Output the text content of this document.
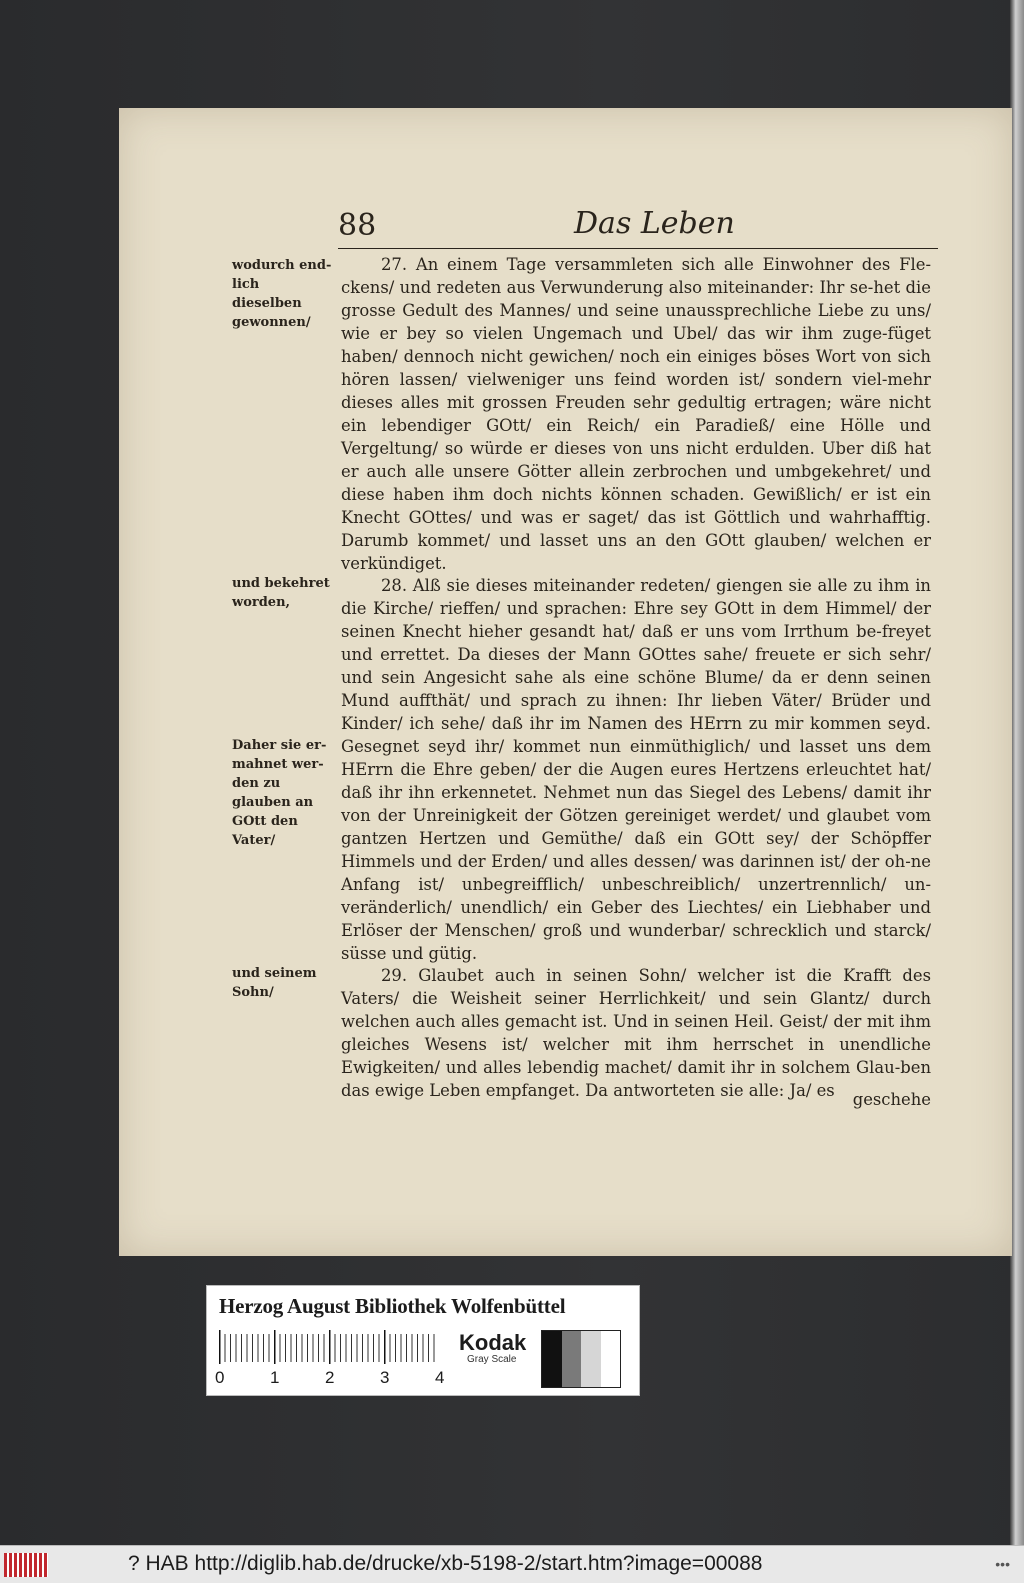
88	Das Leben
wodurch end-lich dieselben gewonnen/
und bekehret worden,
Daher sie er-mahnet wer-den zu glauben an GOtt den Vater/
und seinem Sohn/
27. An einem Tage versammleten sich alle Einwohner des Fle-ckens/ und redeten aus Verwunderung also miteinander: Ihr se-het die grosse Gedult des Mannes/ und seine unaussprechliche Liebe zu uns/ wie er bey so vielen Ungemach und Ubel/ das wir ihm zuge-füget haben/ dennoch nicht gewichen/ noch ein einiges böses Wort von sich hören lassen/ vielweniger uns feind worden ist/ sondern viel-mehr dieses alles mit grossen Freuden sehr gedultig ertragen; wäre nicht ein lebendiger GOtt/ ein Reich/ ein Paradieß/ eine Hölle und Vergeltung/ so würde er dieses von uns nicht erdulden. Uber diß hat er auch alle unsere Götter allein zerbrochen und umbgekehret/ und diese haben ihm doch nichts können schaden. Gewißlich/ er ist ein Knecht GOttes/ und was er saget/ das ist Göttlich und wahrhafftig. Darumb kommet/ und lasset uns an den GOtt glauben/ welchen er verkündiget.
28. Alß sie dieses miteinander redeten/ giengen sie alle zu ihm in die Kirche/ rieffen/ und sprachen: Ehre sey GOtt in dem Himmel/ der seinen Knecht hieher gesandt hat/ daß er uns vom Irrthum be-freyet und errettet. Da dieses der Mann GOttes sahe/ freuete er sich sehr/ und sein Angesicht sahe als eine schöne Blume/ da er denn seinen Mund auffthät/ und sprach zu ihnen: Ihr lieben Väter/ Brüder und Kinder/ ich sehe/ daß ihr im Namen des HErrn zu mir kommen seyd. Gesegnet seyd ihr/ kommet nun einmüthiglich/ und lasset uns dem HErrn die Ehre geben/ der die Augen eures Hertzens erleuchtet hat/ daß ihr ihn erkennetet. Nehmet nun das Siegel des Lebens/ damit ihr von der Unreinigkeit der Götzen gereiniget werdet/ und glaubet vom gantzen Hertzen und Gemüthe/ daß ein GOtt sey/ der Schöpffer Himmels und der Erden/ und alles dessen/ was darinnen ist/ der oh-ne Anfang ist/ unbegreifflich/ unbeschreiblich/ unzertrennlich/ un-veränderlich/ unendlich/ ein Geber des Liechtes/ ein Liebhaber und Erlöser der Menschen/ groß und wunderbar/ schrecklich und starck/ süsse und gütig.
29. Glaubet auch in seinen Sohn/ welcher ist die Krafft des Vaters/ die Weisheit seiner Herrlichkeit/ und sein Glantz/ durch welchen auch alles gemacht ist. Und in seinen Heil. Geist/ der mit ihm gleiches Wesens ist/ welcher mit ihm herrschet in unendliche Ewigkeiten/ und alles lebendig machet/ damit ihr in solchem Glau-ben das ewige Leben empfanget. Da antworteten sie alle: Ja/ es	geschehe
Herzog August Bibliothek Wolfenbüttel
0	1	2	3	4
Kodak
Gray Scale
? HAB http://diglib.hab.de/drucke/xb-5198-2/start.htm?image=00088	•••
